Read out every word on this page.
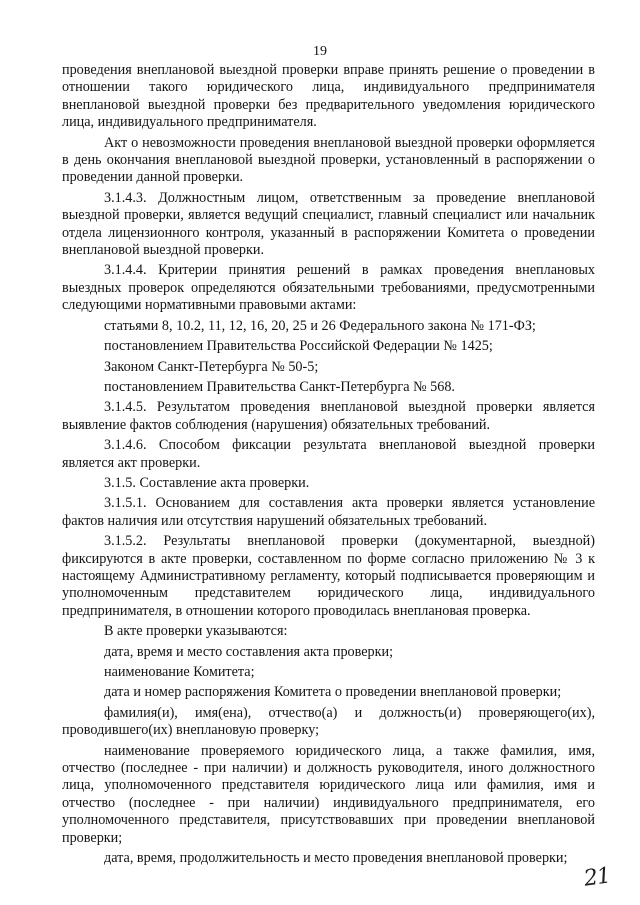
19

проведения внеплановой выездной проверки вправе принять решение о проведении в отношении такого юридического лица, индивидуального предпринимателя внеплановой выездной проверки без предварительного уведомления юридического лица, индивидуального предпринимателя.

Акт о невозможности проведения внеплановой выездной проверки оформляется в день окончания внеплановой выездной проверки, установленный в распоряжении о проведении данной проверки.

3.1.4.3. Должностным лицом, ответственным за проведение внеплановой выездной проверки, является ведущий специалист, главный специалист или начальник отдела лицензионного контроля, указанный в распоряжении Комитета о проведении внеплановой выездной проверки.

3.1.4.4. Критерии принятия решений в рамках проведения внеплановых выездных проверок определяются обязательными требованиями, предусмотренными следующими нормативными правовыми актами:

статьями 8, 10.2, 11, 12, 16, 20, 25 и 26 Федерального закона № 171-ФЗ;

постановлением Правительства Российской Федерации № 1425;

Законом Санкт-Петербурга № 50-5;

постановлением Правительства Санкт-Петербурга № 568.

3.1.4.5. Результатом проведения внеплановой выездной проверки является выявление фактов соблюдения (нарушения) обязательных требований.

3.1.4.6. Способом фиксации результата внеплановой выездной проверки является акт проверки.

3.1.5. Составление акта проверки.

3.1.5.1. Основанием для составления акта проверки является установление фактов наличия или отсутствия нарушений обязательных требований.

3.1.5.2. Результаты внеплановой проверки (документарной, выездной) фиксируются в акте проверки, составленном по форме согласно приложению № 3 к настоящему Административному регламенту, который подписывается проверяющим и уполномоченным представителем юридического лица, индивидуального предпринимателя, в отношении которого проводилась внеплановая проверка.

В акте проверки указываются:

дата, время и место составления акта проверки;

наименование Комитета;

дата и номер распоряжения Комитета о проведении внеплановой проверки;

фамилия(и), имя(ена), отчество(а) и должность(и) проверяющего(их), проводившего(их) внеплановую проверку;

наименование проверяемого юридического лица, а также фамилия, имя, отчество (последнее - при наличии) и должность руководителя, иного должностного лица, уполномоченного представителя юридического лица или фамилия, имя и отчество (последнее - при наличии) индивидуального предпринимателя, его уполномоченного представителя, присутствовавших при проведении внеплановой проверки;

дата, время, продолжительность и место проведения внеплановой проверки;

21
